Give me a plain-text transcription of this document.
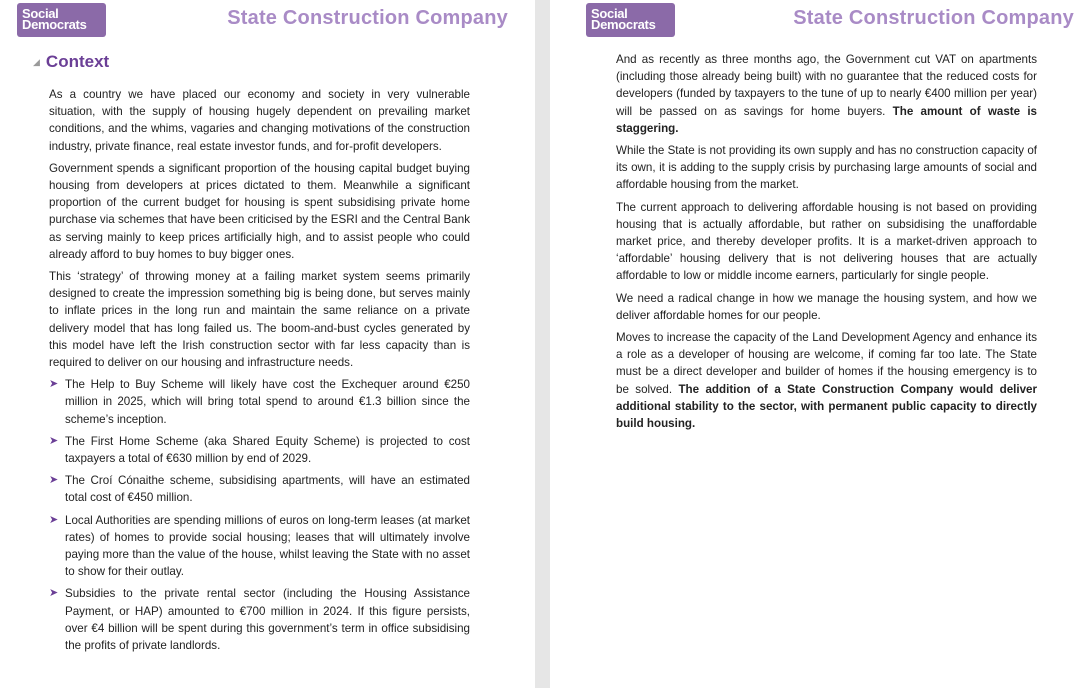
Social
Democrats	State Construction Company
◢ Context

As a country we have placed our economy and society in very vulnerable situation, with the supply of housing hugely dependent on prevailing market conditions, and the whims, vagaries and changing motivations of the construction industry, private finance, real estate investor funds, and for-profit developers.

Government spends a significant proportion of the housing capital budget buying housing from developers at prices dictated to them. Meanwhile a significant proportion of the current budget for housing is spent subsidising private home purchase via schemes that have been criticised by the ESRI and the Central Bank as serving mainly to keep prices artificially high, and to assist people who could already afford to buy homes to buy bigger ones.

This ‘strategy’ of throwing money at a failing market system seems primarily designed to create the impression something big is being done, but serves mainly to inflate prices in the long run and maintain the same reliance on a private delivery model that has long failed us. The boom-and-bust cycles generated by this model have left the Irish construction sector with far less capacity than is required to deliver on our housing and infrastructure needs.

➤ The Help to Buy Scheme will likely have cost the Exchequer around €250 million in 2025, which will bring total spend to around €1.3 billion since the scheme’s inception.
➤ The First Home Scheme (aka Shared Equity Scheme) is projected to cost taxpayers a total of €630 million by end of 2029.
➤ The Croí Cónaithe scheme, subsidising apartments, will have an estimated total cost of €450 million.
➤ Local Authorities are spending millions of euros on long-term leases (at market rates) of homes to provide social housing; leases that will ultimately involve paying more than the value of the house, whilst leaving the State with no asset to show for their outlay.
➤ Subsidies to the private rental sector (including the Housing Assistance Payment, or HAP) amounted to €700 million in 2024. If this figure persists, over €4 billion will be spent during this government’s term in office subsidising the profits of private landlords.
Social
Democrats	State Construction Company

And as recently as three months ago, the Government cut VAT on apartments (including those already being built) with no guarantee that the reduced costs for developers (funded by taxpayers to the tune of up to nearly €400 million per year) will be passed on as savings for home buyers. The amount of waste is staggering.

While the State is not providing its own supply and has no construction capacity of its own, it is adding to the supply crisis by purchasing large amounts of social and affordable housing from the market.

The current approach to delivering affordable housing is not based on providing housing that is actually affordable, but rather on subsidising the unaffordable market price, and thereby developer profits. It is a market-driven approach to ‘affordable’ housing delivery that is not delivering houses that are actually affordable to low or middle income earners, particularly for single people.

We need a radical change in how we manage the housing system, and how we deliver affordable homes for our people.

Moves to increase the capacity of the Land Development Agency and enhance its a role as a developer of housing are welcome, if coming far too late. The State must be a direct developer and builder of homes if the housing emergency is to be solved. The addition of a State Construction Company would deliver additional stability to the sector, with permanent public capacity to directly build housing.
